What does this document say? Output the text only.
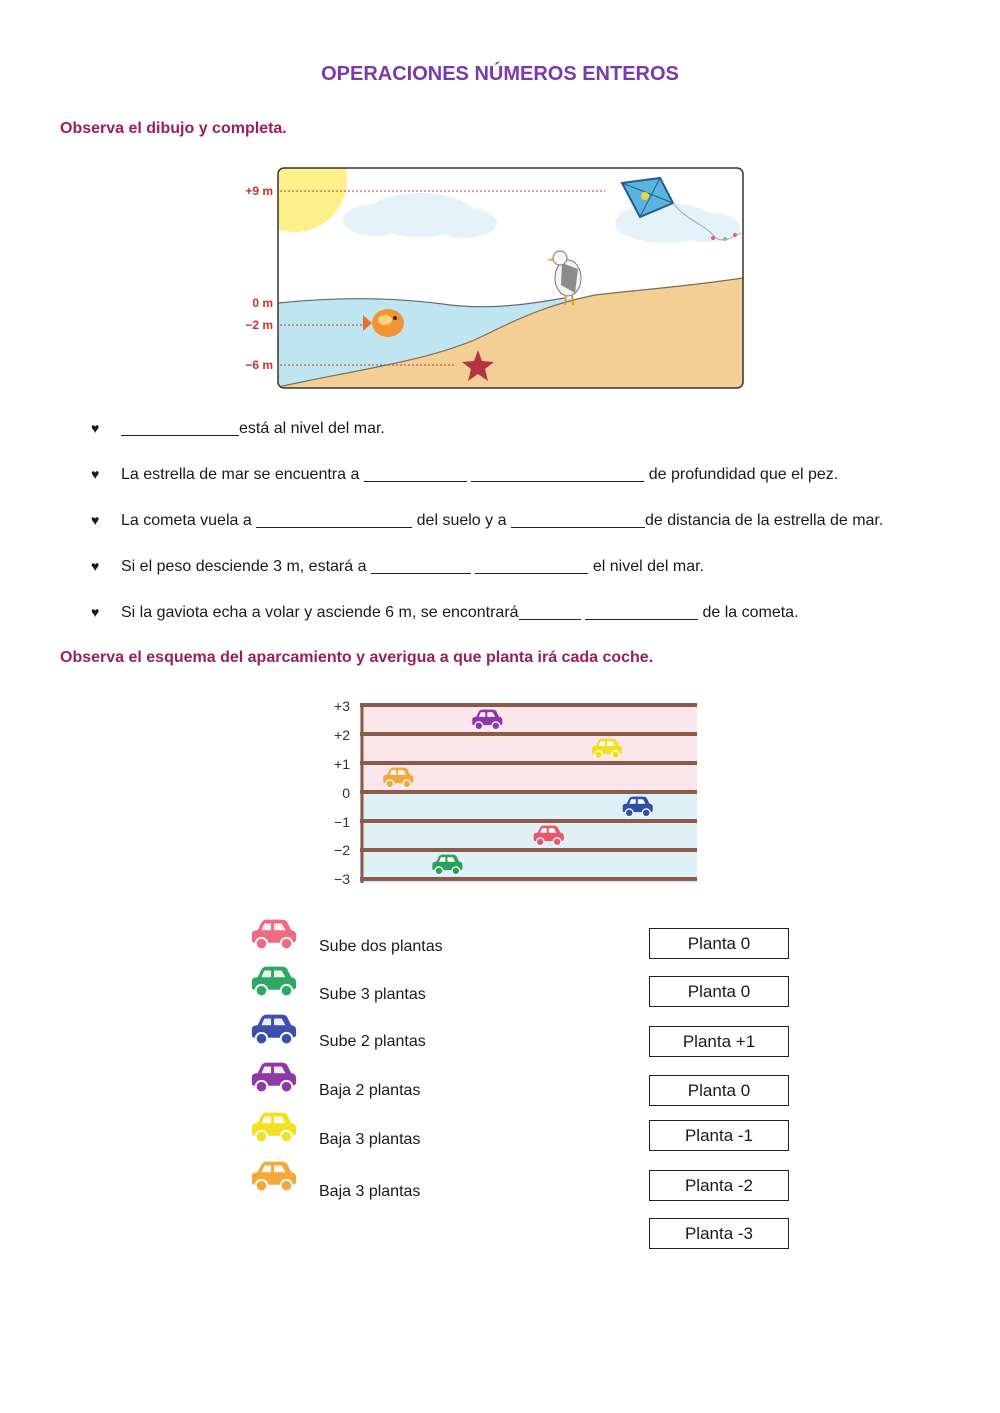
OPERACIONES NÚMEROS ENTEROS
Observa el dibujo y completa.
+9 m
0 m
−2 m
−6 m
♥	está al nivel del mar.
♥ La estrella de mar se encuentra a	de profundidad que el pez.
♥ La cometa vuela a	del suelo y a	de distancia de la estrella de mar.
♥ Si el peso desciende 3 m, estará a	el nivel del mar.
♥ Si la gaviota echa a volar y asciende 6 m, se encontrará	de la cometa.
Observa el esquema del aparcamiento y averigua a que planta irá cada coche.
+3
+2
+1
0
−1
−2
−3
Sube dos plantas
Sube 3 plantas
Sube 2 plantas
Baja 2 plantas
Baja 3 plantas
Baja 3 plantas
Planta 0
Planta 0
Planta +1
Planta 0
Planta -1
Planta -2
Planta -3
